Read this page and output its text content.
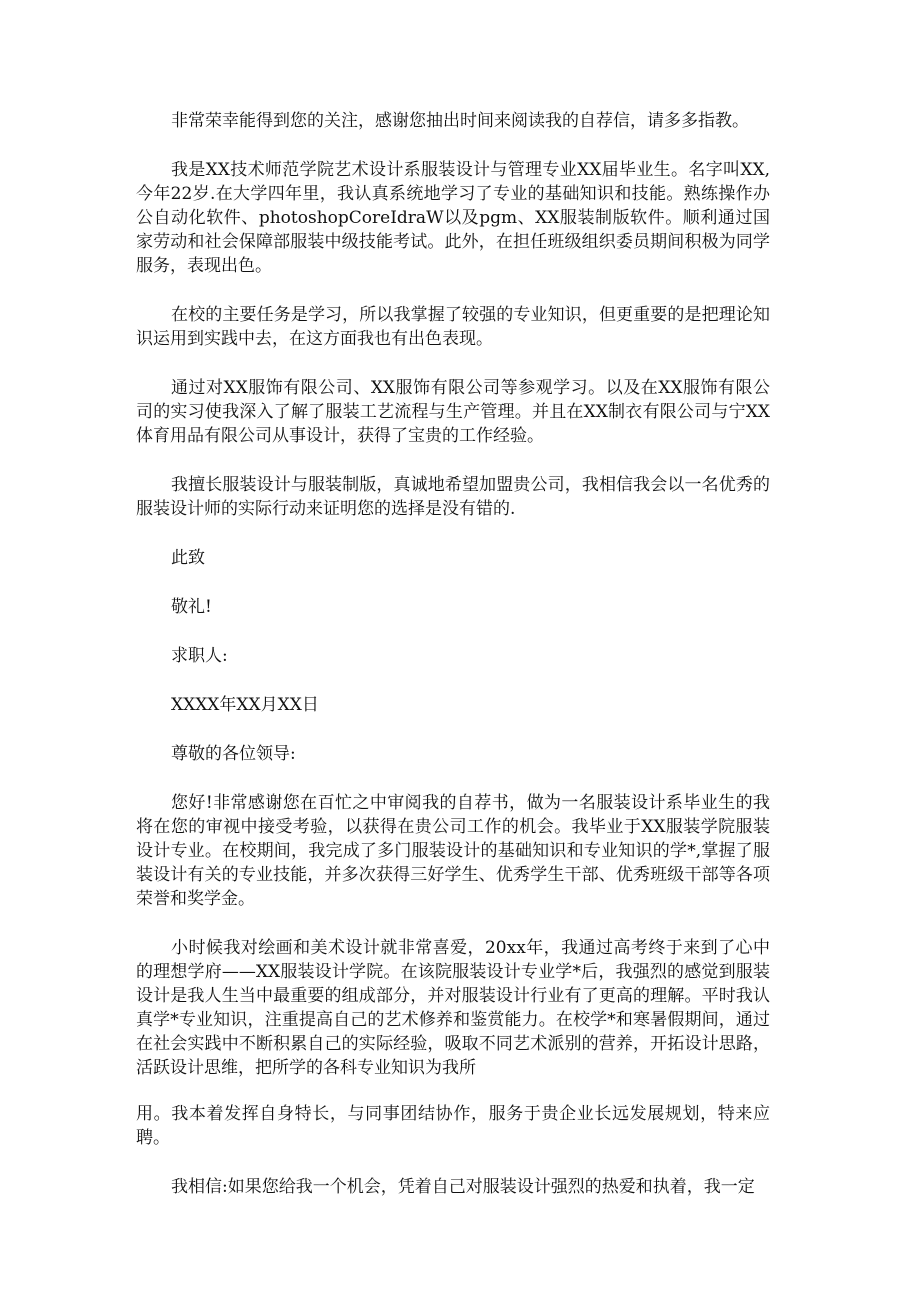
非常荣幸能得到您的关注，感谢您抽出时间来阅读我的自荐信，请多多指教。

我是XX技术师范学院艺术设计系服装设计与管理专业XX届毕业生。名字叫XX,今年22岁.在大学四年里，我认真系统地学习了专业的基础知识和技能。熟练操作办公自动化软件、photoshopCoreIdraW以及pgm、XX服装制版软件。顺利通过国家劳动和社会保障部服装中级技能考试。此外，在担任班级组织委员期间积极为同学服务，表现出色。

在校的主要任务是学习，所以我掌握了较强的专业知识，但更重要的是把理论知识运用到实践中去，在这方面我也有出色表现。

通过对XX服饰有限公司、XX服饰有限公司等参观学习。以及在XX服饰有限公司的实习使我深入了解了服装工艺流程与生产管理。并且在XX制衣有限公司与宁XX体育用品有限公司从事设计，获得了宝贵的工作经验。

我擅长服装设计与服装制版，真诚地希望加盟贵公司，我相信我会以一名优秀的服装设计师的实际行动来证明您的选择是没有错的.

此致

敬礼!

求职人:

XXXX年XX月XX日

尊敬的各位领导:

您好!非常感谢您在百忙之中审阅我的自荐书，做为一名服装设计系毕业生的我将在您的审视中接受考验，以获得在贵公司工作的机会。我毕业于XX服装学院服装设计专业。在校期间，我完成了多门服装设计的基础知识和专业知识的学*,掌握了服装设计有关的专业技能，并多次获得三好学生、优秀学生干部、优秀班级干部等各项荣誉和奖学金。

小时候我对绘画和美术设计就非常喜爱，20xx年，我通过高考终于来到了心中的理想学府——XX服装设计学院。在该院服装设计专业学*后，我强烈的感觉到服装设计是我人生当中最重要的组成部分，并对服装设计行业有了更高的理解。平时我认真学*专业知识，注重提高自己的艺术修养和鉴赏能力。在校学*和寒暑假期间，通过在社会实践中不断积累自己的实际经验，吸取不同艺术派别的营养，开拓设计思路，活跃设计思维，把所学的各科专业知识为我所

用。我本着发挥自身特长，与同事团结协作，服务于贵企业长远发展规划，特来应聘。

我相信:如果您给我一个机会，凭着自己对服装设计强烈的热爱和执着，我一定
